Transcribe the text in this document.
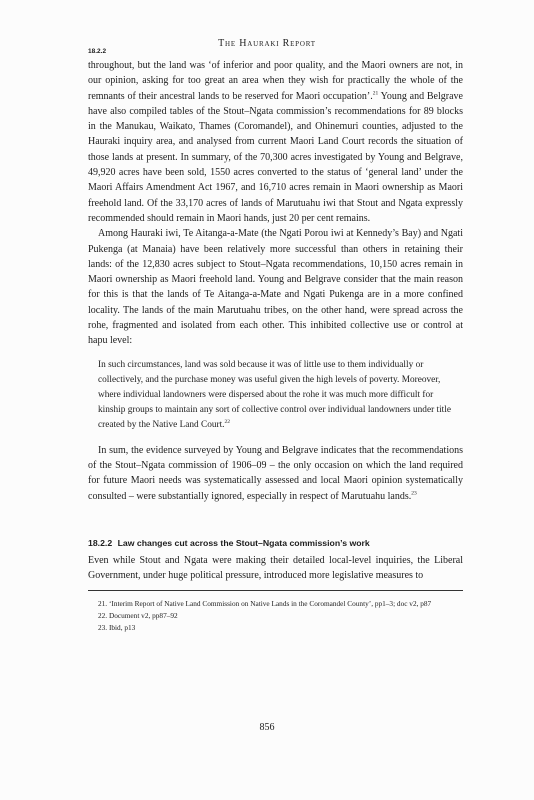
The Hauraki Report
18.2.2

throughout, but the land was ‘of inferior and poor quality, and the Maori owners are not, in our opinion, asking for too great an area when they wish for practically the whole of the remnants of their ancestral lands to be reserved for Maori occupation’.$^{21}$ Young and Belgrave have also compiled tables of the Stout–Ngata commission’s recommendations for 89 blocks in the Manukau, Waikato, Thames (Coromandel), and Ohinemuri counties, adjusted to the Hauraki inquiry area, and analysed from current Maori Land Court records the situation of those lands at present. In summary, of the 70,300 acres investigated by Young and Belgrave, 49,920 acres have been sold, 1550 acres converted to the status of ‘general land’ under the Maori Affairs Amendment Act 1967, and 16,710 acres remain in Maori ownership as Maori freehold land. Of the 33,170 acres of lands of Marutuahu iwi that Stout and Ngata expressly recommended should remain in Maori hands, just 20 per cent remains.

Among Hauraki iwi, Te Aitanga-a-Mate (the Ngati Porou iwi at Kennedy’s Bay) and Ngati Pukenga (at Manaia) have been relatively more successful than others in retaining their lands: of the 12,830 acres subject to Stout–Ngata recommendations, 10,150 acres remain in Maori ownership as Maori freehold land. Young and Belgrave consider that the main reason for this is that the lands of Te Aitanga-a-Mate and Ngati Pukenga are in a more confined locality. The lands of the main Marutuahu tribes, on the other hand, were spread across the rohe, fragmented and isolated from each other. This inhibited collective use or control at hapu level:

In such circumstances, land was sold because it was of little use to them individually or collectively, and the purchase money was useful given the high levels of poverty. Moreover, where individual landowners were dispersed about the rohe it was much more difficult for kinship groups to maintain any sort of collective control over individual landowners under title created by the Native Land Court.$^{22}$

In sum, the evidence surveyed by Young and Belgrave indicates that the recommendations of the Stout–Ngata commission of 1906–09 – the only occasion on which the land required for future Maori needs was systematically assessed and local Maori opinion systematically consulted – were substantially ignored, especially in respect of Marutuahu lands.$^{23}$

18.2.2 Law changes cut across the Stout–Ngata commission’s work

Even while Stout and Ngata were making their detailed local-level inquiries, the Liberal Government, under huge political pressure, introduced more legislative measures to

21. ‘Interim Report of Native Land Commission on Native Lands in the Coromandel County’, pp1–3; doc v2, p87

22. Document v2, pp87–92

23. Ibid, p13

856
